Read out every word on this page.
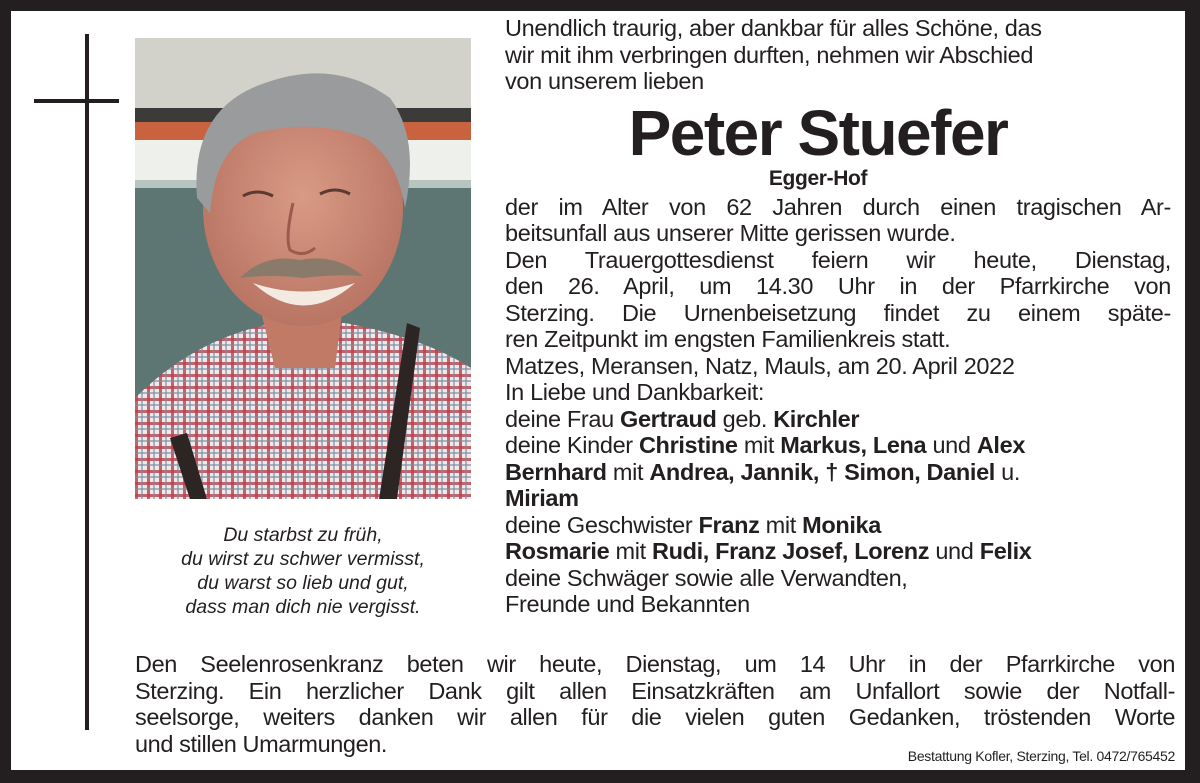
Du starbst zu früh,
du wirst zu schwer vermisst,
du warst so lieb und gut,
dass man dich nie vergisst.
Unendlich traurig, aber dankbar für alles Schöne, das
wir mit ihm verbringen durften, nehmen wir Abschied
von unserem lieben
Peter Stuefer
Egger-Hof
der im Alter von 62 Jahren durch einen tragischen Ar-
beitsunfall aus unserer Mitte gerissen wurde.
Den Trauergottesdienst feiern wir heute, Dienstag,
den 26. April, um 14.30 Uhr in der Pfarrkirche von
Sterzing. Die Urnenbeisetzung findet zu einem späte-
ren Zeitpunkt im engsten Familienkreis statt.
Matzes, Meransen, Natz, Mauls, am 20. April 2022
In Liebe und Dankbarkeit:
deine Frau Gertraud geb. Kirchler
deine Kinder Christine mit Markus, Lena und Alex
Bernhard mit Andrea, Jannik, † Simon, Daniel u.
Miriam
deine Geschwister Franz mit Monika
Rosmarie mit Rudi, Franz Josef, Lorenz und Felix
deine Schwäger sowie alle Verwandten,
Freunde und Bekannten
Den Seelenrosenkranz beten wir heute, Dienstag, um 14 Uhr in der Pfarrkirche von
Sterzing. Ein herzlicher Dank gilt allen Einsatzkräften am Unfallort sowie der Notfall-
seelsorge, weiters danken wir allen für die vielen guten Gedanken, tröstenden Worte
und stillen Umarmungen.	Bestattung Kofler, Sterzing, Tel. 0472/765452
